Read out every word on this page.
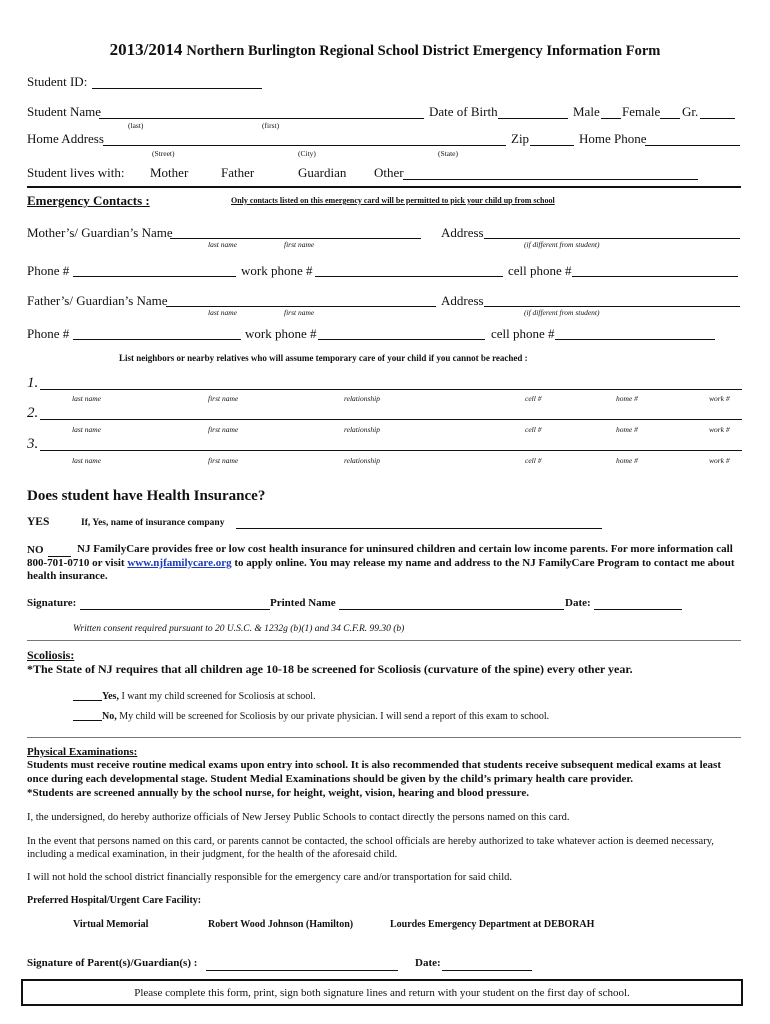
2013/2014 Northern Burlington Regional School District Emergency Information Form
Student ID:
Student Name	Date of Birth	Male Female Gr.
(last)	(first)
Home Address	Zip	Home Phone
(Street)	(City)	(State)
Student lives with: Mother	Father	Guardian Other
Emergency Contacts :	Only contacts listed on this emergency card will be permitted to pick your child up from school
Mother’s/ Guardian’s Name	Address
last name	first name	(if different from student)
Phone #	work phone #	cell phone #
Father’s/ Guardian’s Name	Address
last name	first name	(if different from student)
Phone #	work phone #	cell phone #
List neighbors or nearby relatives who will assume temporary care of your child if you cannot be reached :
1.
last name	first name	relationship	cell #	home #	work #
2.
last name	first name	relationship	cell #	home #	work #
3.
last name	first name	relationship	cell #	home #	work #
Does student have Health Insurance?
YES	If, Yes, name of insurance company
NO	NJ FamilyCare provides free or low cost health insurance for uninsured children and certain low income parents. For more information call 800-701-0710 or visit www.njfamilycare.org to apply online. You may release my name and address to the NJ FamilyCare Program to contact me about health insurance.
Signature:	Printed Name	Date:
Written consent required pursuant to 20 U.S.C. & 1232g (b)(1) and 34 C.F.R. 99.30 (b)
Scoliosis:
*The State of NJ requires that all children age 10-18 be screened for Scoliosis (curvature of the spine) every other year.
Yes, I want my child screened for Scoliosis at school.
No, My child will be screened for Scoliosis by our private physician. I will send a report of this exam to school.
Physical Examinations:
Students must receive routine medical exams upon entry into school. It is also recommended that students receive subsequent medical exams at least once during each developmental stage. Student Medial Examinations should be given by the child’s primary health care provider.
*Students are screened annually by the school nurse, for height, weight, vision, hearing and blood pressure.
I, the undersigned, do hereby authorize officials of New Jersey Public Schools to contact directly the persons named on this card.
In the event that persons named on this card, or parents cannot be contacted, the school officials are hereby authorized to take whatever action is deemed necessary, including a medical examination, in their judgment, for the health of the aforesaid child.
I will not hold the school district financially responsible for the emergency care and/or transportation for said child.
Preferred Hospital/Urgent Care Facility:
Virtual Memorial	Robert Wood Johnson (Hamilton)	Lourdes Emergency Department at DEBORAH
Signature of Parent(s)/Guardian(s) :	Date:
Please complete this form, print, sign both signature lines and return with your student on the first day of school.
